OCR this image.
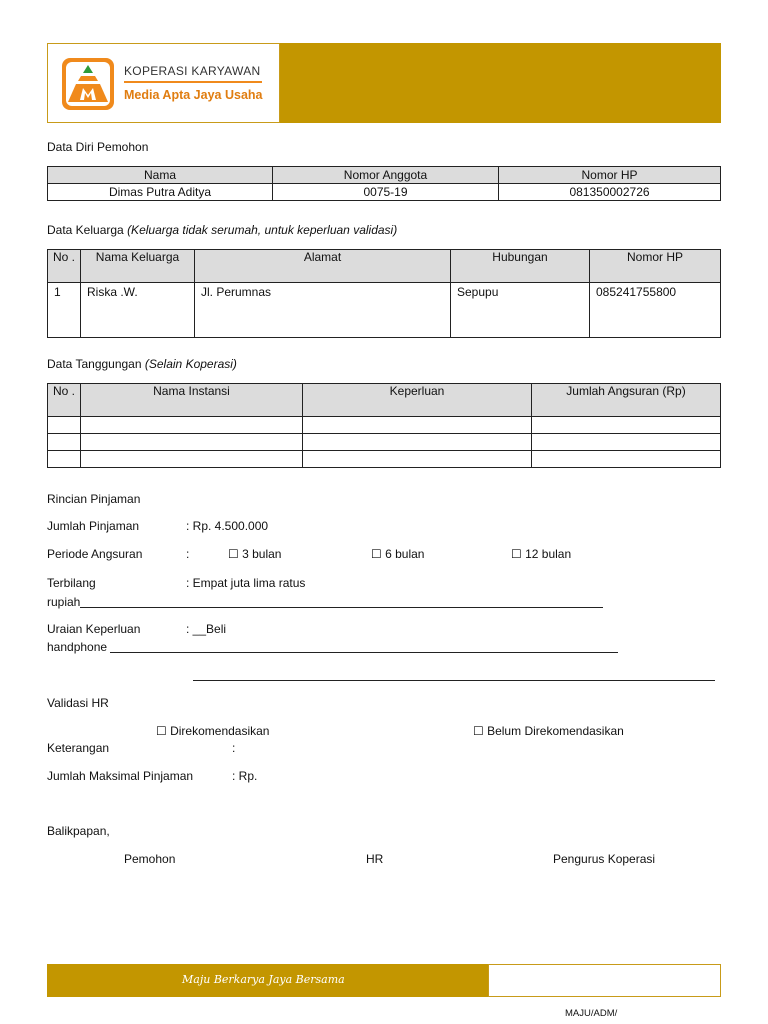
KOPERASI KARYAWAN
Media Apta Jaya Usaha
Data Diri Pemohon
Nama	Nomor Anggota	Nomor HP
Dimas Putra Aditya	0075-19	081350002726
Data Keluarga (Keluarga tidak serumah, untuk keperluan validasi)
No .	Nama Keluarga	Alamat	Hubungan	Nomor HP
1	Riska .W.	Jl. Perumnas	Sepupu	085241755800
Data Tanggungan (Selain Koperasi)
No .	Nama Instansi	Keperluan	Jumlah Angsuran (Rp)

Rincian Pinjaman
Jumlah Pinjaman	: Rp. 4.500.000
Periode Angsuran	:	☐ 3 bulan	☐ 6 bulan	☐ 12 bulan
Terbilang	: Empat juta lima ratus
rupiah
Uraian Keperluan	: __Beli
handphone
Validasi HR
☐ Direkomendasikan	☐ Belum Direkomendasikan
Keterangan	:
Jumlah Maksimal Pinjaman	: Rp.
Balikpapan,
Pemohon	HR	Pengurus Koperasi
Maju Berkarya Jaya Bersama
MAJU/ADM/
